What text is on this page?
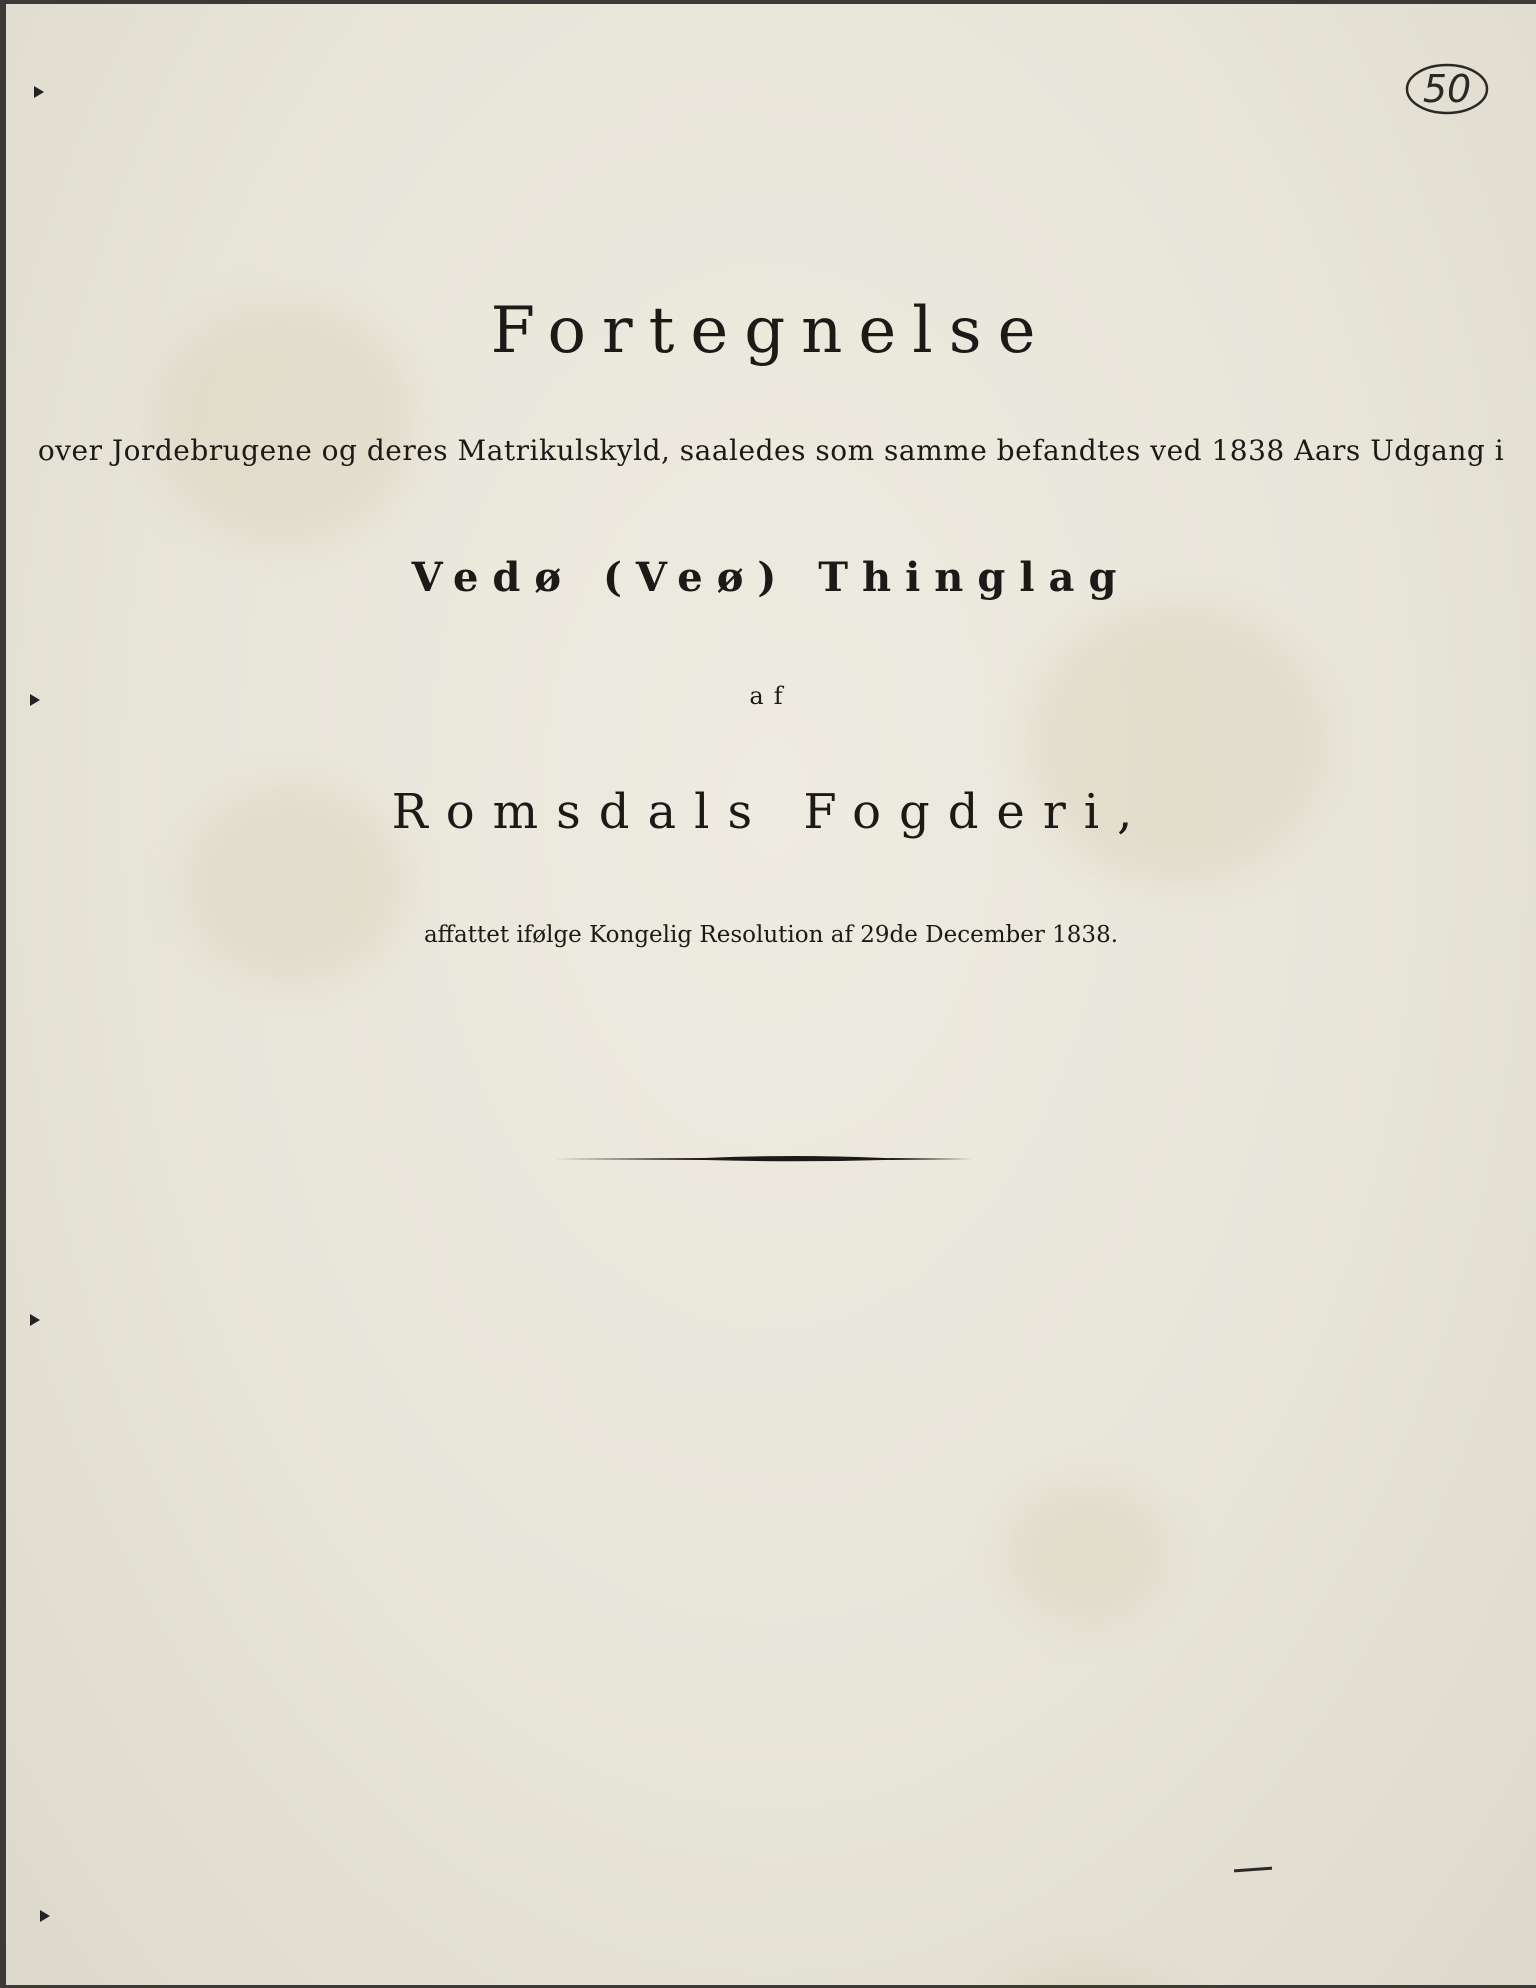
50
Fortegnelse
over Jordebrugene og deres Matrikulskyld, saaledes som samme befandtes ved 1838 Aars Udgang i
Vedø (Veø) Thinglag
af
Romsdals Fogderi,
affattet ifølge Kongelig Resolution af 29de December 1838.
